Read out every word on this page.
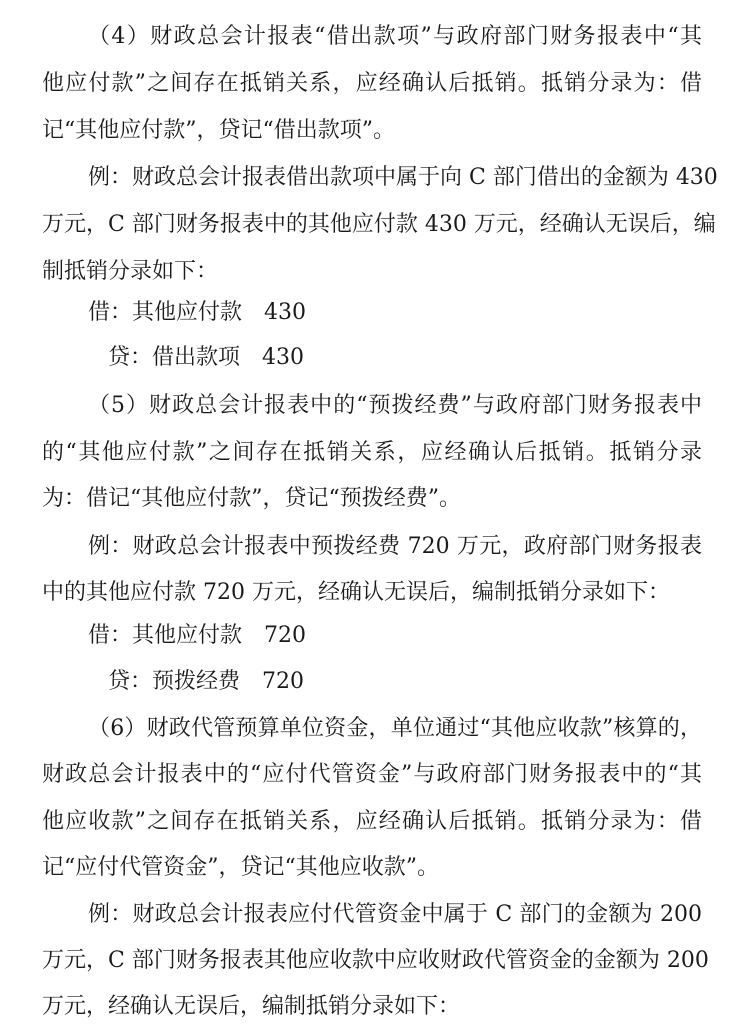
（4）财政总会计报表“借出款项”与政府部门财务报表中“其
他应付款”之间存在抵销关系，应经确认后抵销。抵销分录为：借
记“其他应付款”，贷记“借出款项”。
例：财政总会计报表借出款项中属于向 C 部门借出的金额为 430
万元，C 部门财务报表中的其他应付款 430 万元，经确认无误后，编
制抵销分录如下：
借：其他应付款 430
贷：借出款项 430
（5）财政总会计报表中的“预拨经费”与政府部门财务报表中
的“其他应付款”之间存在抵销关系，应经确认后抵销。抵销分录
为：借记“其他应付款”，贷记“预拨经费”。
例：财政总会计报表中预拨经费 720 万元，政府部门财务报表
中的其他应付款 720 万元，经确认无误后，编制抵销分录如下：
借：其他应付款 720
贷：预拨经费 720
（6）财政代管预算单位资金，单位通过“其他应收款”核算的，
财政总会计报表中的“应付代管资金”与政府部门财务报表中的“其
他应收款”之间存在抵销关系，应经确认后抵销。抵销分录为：借
记“应付代管资金”，贷记“其他应收款”。
例：财政总会计报表应付代管资金中属于 C 部门的金额为 200
万元，C 部门财务报表其他应收款中应收财政代管资金的金额为 200
万元，经确认无误后，编制抵销分录如下：
